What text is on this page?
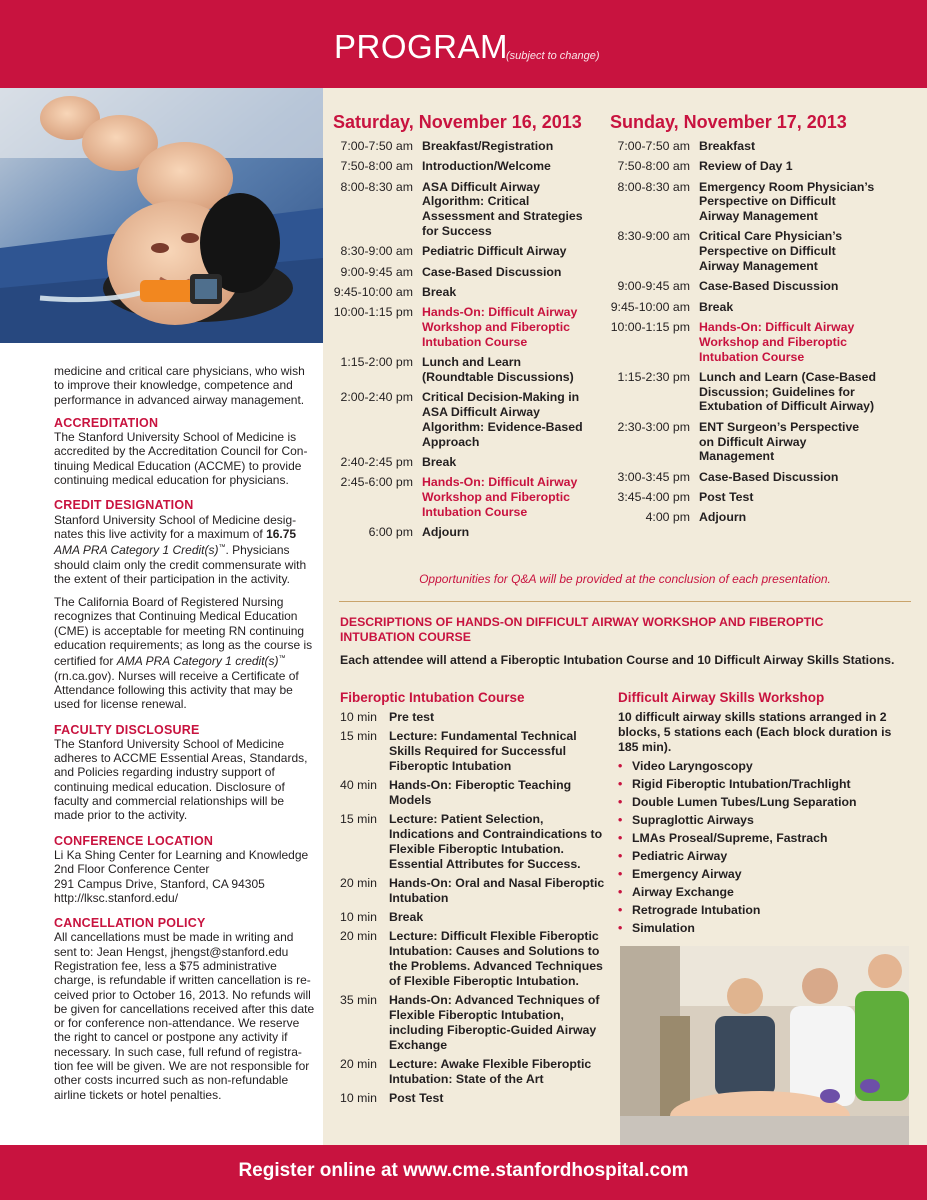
PROGRAM
(subject to change)

medicine and critical care physicians, who wish to improve their knowledge, competence and performance in advanced airway management.

ACCREDITATION
The Stanford University School of Medicine is
accredited by the Accreditation Council for Con-
tinuing Medical Education (ACCME) to provide
continuing medical education for physicians.
CREDIT DESIGNATION
Stanford University School of Medicine desig-
nates this live activity for a maximum of 16.75
AMA PRA Category 1 Credit(s)™. Physicians
should claim only the credit commensurate with
the extent of their participation in the activity.
The California Board of Registered Nursing
recognizes that Continuing Medical Education
(CME) is acceptable for meeting RN continuing
education requirements; as long as the course is
certified for AMA PRA Category 1 credit(s)™
(rn.ca.gov). Nurses will receive a Certificate of
Attendance following this activity that may be
used for license renewal.
FACULTY DISCLOSURE
The Stanford University School of Medicine
adheres to ACCME Essential Areas, Standards,
and Policies regarding industry support of
continuing medical education. Disclosure of
faculty and commercial relationships will be
made prior to the activity.
CONFERENCE LOCATION
Li Ka Shing Center for Learning and Knowledge
2nd Floor Conference Center
291 Campus Drive, Stanford, CA 94305
http://lksc.stanford.edu/
CANCELLATION POLICY
All cancellations must be made in writing and
sent to: Jean Hengst, jhengst@stanford.edu
Registration fee, less a $75 administrative
charge, is refundable if written cancellation is re-
ceived prior to October 16, 2013. No refunds will
be given for cancellations received after this date
or for conference non-attendance. We reserve
the right to cancel or postpone any activity if
necessary. In such case, full refund of registra-
tion fee will be given. We are not responsible for
other costs incurred such as non-refundable
airline tickets or hotel penalties.
Saturday, November 16, 2013
7:00-7:50 am Breakfast/Registration
7:50-8:00 am Introduction/Welcome
8:00-8:30 am ASA Difficult Airway Algorithm: Critical Assessment and Strategies for Success
8:30-9:00 am Pediatric Difficult Airway
9:00-9:45 am Case-Based Discussion
9:45-10:00 am Break
10:00-1:15 pm Hands-On: Difficult Airway Workshop and Fiberoptic Intubation Course
1:15-2:00 pm Lunch and Learn (Roundtable Discussions)
2:00-2:40 pm Critical Decision-Making in ASA Difficult Airway Algorithm: Evidence-Based Approach
2:40-2:45 pm Break
2:45-6:00 pm Hands-On: Difficult Airway Workshop and Fiberoptic Intubation Course
6:00 pm Adjourn
Sunday, November 17, 2013
7:00-7:50 am Breakfast
7:50-8:00 am Review of Day 1
8:00-8:30 am Emergency Room Physician’s Perspective on Difficult Airway Management
8:30-9:00 am Critical Care Physician’s Perspective on Difficult Airway Management
9:00-9:45 am Case-Based Discussion
9:45-10:00 am Break
10:00-1:15 pm Hands-On: Difficult Airway Workshop and Fiberoptic Intubation Course
1:15-2:30 pm Lunch and Learn (Case-Based Discussion; Guidelines for Extubation of Difficult Airway)
2:30-3:00 pm ENT Surgeon’s Perspective on Difficult Airway Management
3:00-3:45 pm Case-Based Discussion
3:45-4:00 pm Post Test
4:00 pm Adjourn
Opportunities for Q&A will be provided at the conclusion of each presentation.
DESCRIPTIONS OF HANDS-ON DIFFICULT AIRWAY WORKSHOP AND FIBEROPTIC INTUBATION COURSE
Each attendee will attend a Fiberoptic Intubation Course and 10 Difficult Airway Skills Stations.
Fiberoptic Intubation Course
10 min Pre test
15 min Lecture: Fundamental Technical Skills Required for Successful Fiberoptic Intubation
40 min Hands-On: Fiberoptic Teaching Models
15 min Lecture: Patient Selection, Indications and Contraindications to Flexible Fiberoptic Intubation. Essential Attributes for Success.
20 min Hands-On: Oral and Nasal Fiberoptic Intubation
10 min Break
20 min Lecture: Difficult Flexible Fiberoptic Intubation: Causes and Solutions to the Problems. Advanced Techniques of Flexible Fiberoptic Intubation.
35 min Hands-On: Advanced Techniques of Flexible Fiberoptic Intubation, including Fiberoptic-Guided Airway Exchange
20 min Lecture: Awake Flexible Fiberoptic Intubation: State of the Art
10 min Post Test
Difficult Airway Skills Workshop
10 difficult airway skills stations arranged in 2 blocks, 5 stations each (Each block duration is 185 min).
• Video Laryngoscopy
• Rigid Fiberoptic Intubation/Trachlight
• Double Lumen Tubes/Lung Separation
• Supraglottic Airways
• LMAs Proseal/Supreme, Fastrach
• Pediatric Airway
• Emergency Airway
• Airway Exchange
• Retrograde Intubation
• Simulation
Register online at www.cme.stanfordhospital.com
